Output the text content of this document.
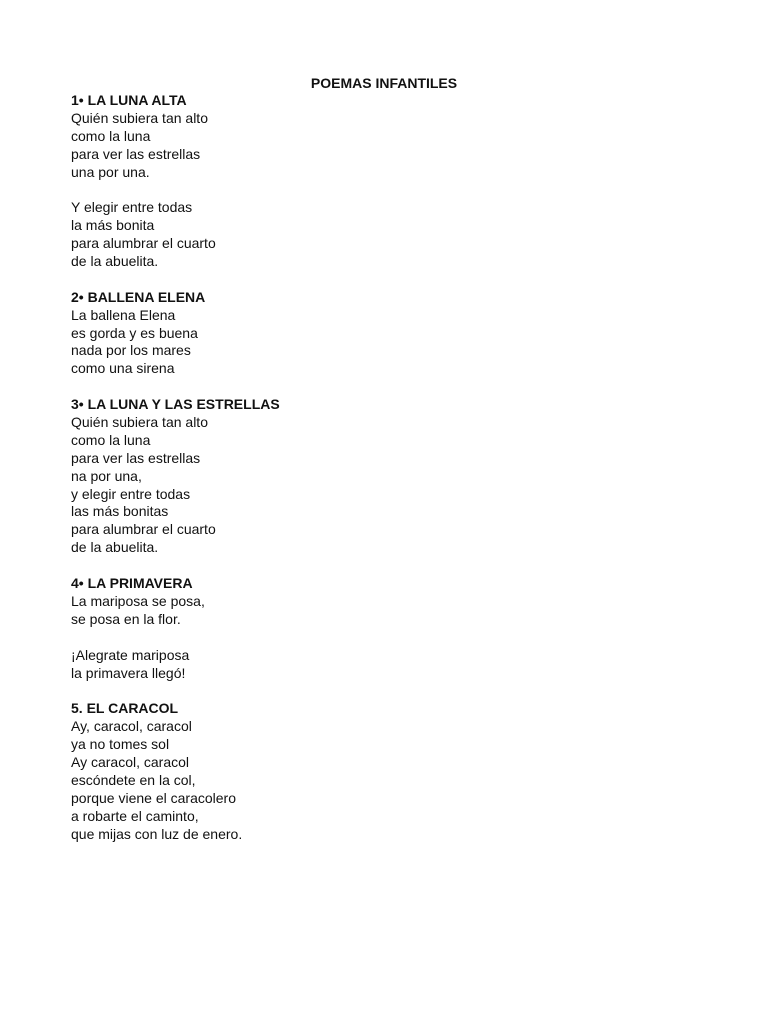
POEMAS INFANTILES
1• LA LUNA ALTA
Quién subiera tan alto
como la luna
para ver las estrellas
una por una.
Y elegir entre todas
la más bonita
para alumbrar el cuarto
de la abuelita.
2• BALLENA ELENA
La ballena Elena
es gorda y es buena
nada por los mares
como una sirena
3• LA LUNA Y LAS ESTRELLAS
Quién subiera tan alto
como la luna
para ver las estrellas
na por una,
y elegir entre todas
las más bonitas
para alumbrar el cuarto
de la abuelita.
4• LA PRIMAVERA
La mariposa se posa,
se posa en la flor.
¡Alegrate mariposa
la primavera llegó!
5. EL CARACOL
Ay, caracol, caracol
ya no tomes sol
Ay caracol, caracol
escóndete en la col,
porque viene el caracolero
a robarte el caminto,
que mijas con luz de enero.
